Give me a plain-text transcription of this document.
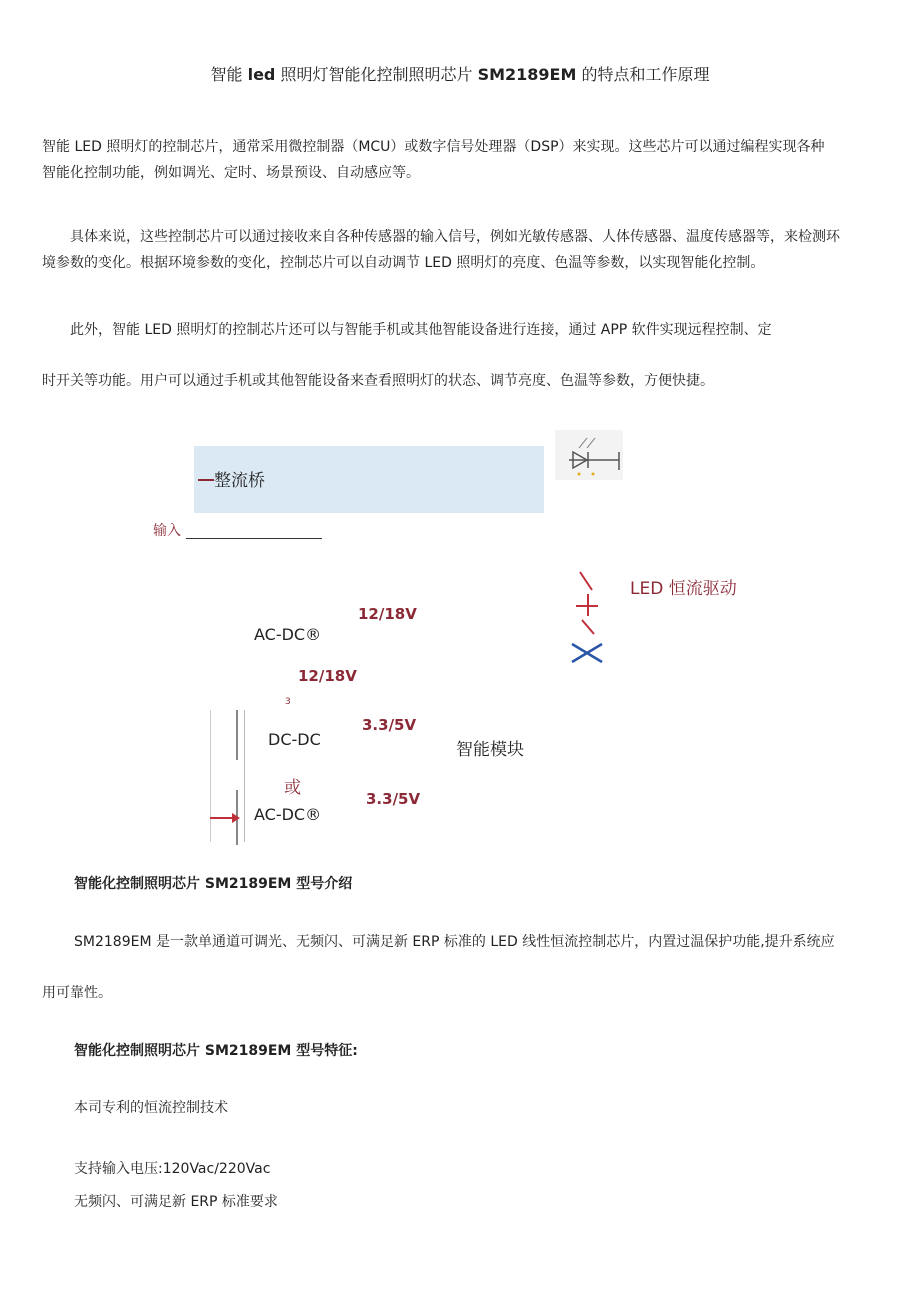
智能 led 照明灯智能化控制照明芯片 SM2189EM 的特点和工作原理
智能 LED 照明灯的控制芯片，通常采用微控制器（MCU）或数字信号处理器（DSP）来实现。这些芯片可以通过编程实现各种
智能化控制功能，例如调光、定时、场景预设、自动感应等。
具体来说，这些控制芯片可以通过接收来自各种传感器的输入信号，例如光敏传感器、人体传感器、温度传感器等，来检测环
境参数的变化。根据环境参数的变化，控制芯片可以自动调节 LED 照明灯的亮度、色温等参数，以实现智能化控制。
此外，智能 LED 照明灯的控制芯片还可以与智能手机或其他智能设备进行连接，通过 APP 软件实现远程控制、定
时开关等功能。用户可以通过手机或其他智能设备来查看照明灯的状态、调节亮度、色温等参数，方便快捷。
整流桥
输入
LED 恒流驱动
12/18V
AC-DC®
12/18V
3
3.3/5V
DC-DC
智能模块
或
3.3/5V
AC-DC®
智能化控制照明芯片 SM2189EM 型号介绍
SM2189EM 是一款单通道可调光、无频闪、可满足新 ERP 标准的 LED 线性恒流控制芯片，内置过温保护功能,提升系统应
用可靠性。
智能化控制照明芯片 SM2189EM 型号特征:
本司专利的恒流控制技术
支持输入电压:120Vac∕220Vac
无频闪、可满足新 ERP 标准要求
